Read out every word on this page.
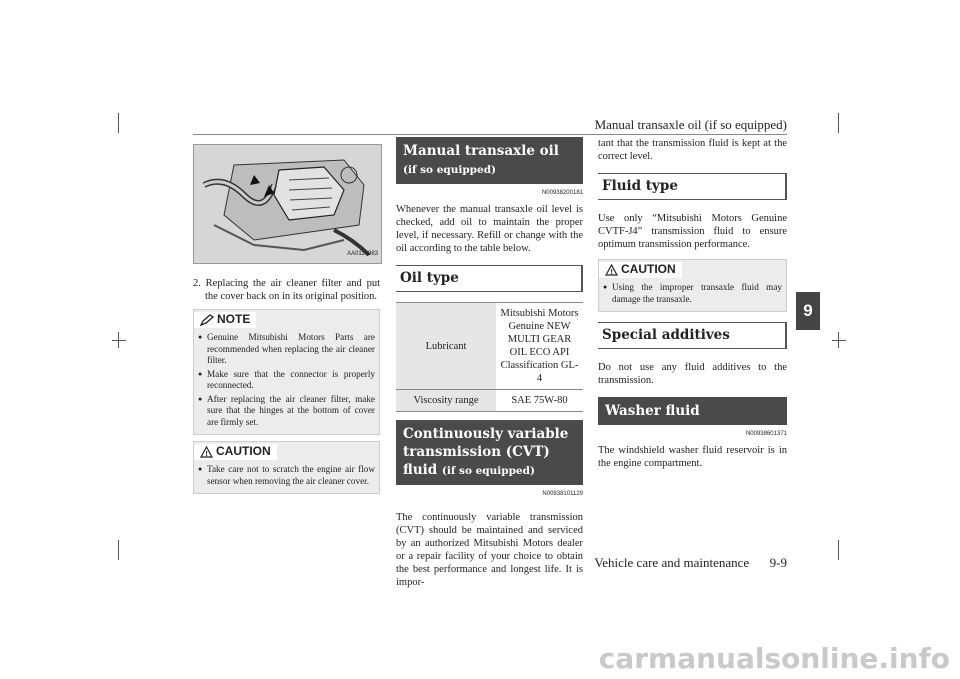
Manual transaxle oil (if so equipped)
9
AA0116983

2. Replacing the air cleaner filter and put the cover back on in its original position.

NOTE
● Genuine Mitsubishi Motors Parts are recommended when replacing the air cleaner filter.
● Make sure that the connector is properly reconnected.
● After replacing the air cleaner filter, make sure that the hinges at the bottom of cover are firmly set.
! CAUTION
● Take care not to scratch the engine air flow sensor when removing the air cleaner cover.
Manual transaxle oil (if so equipped)
N00938200181

Whenever the manual transaxle oil level is checked, add oil to maintain the proper level, if necessary. Refill or change with the oil according to the table below.

Oil type
Lubricant	Mitsubishi Motors Genuine NEW MULTI GEAR OIL ECO API Classification GL-4
Viscosity range	SAE 75W-80
Continuously variable transmission (CVT) fluid (if so equipped)
N00938101129

The continuously variable transmission (CVT) should be maintained and serviced by an authorized Mitsubishi Motors dealer or a repair facility of your choice to obtain the best performance and longest life. It is impor-

tant that the transmission fluid is kept at the correct level.

Fluid type

Use only “Mitsubishi Motors Genuine CVTF-J4” transmission fluid to ensure optimum transmission performance.

! CAUTION
● Using the improper transaxle fluid may damage the transaxle.
Special additives

Do not use any fluid additives to the transmission.

Washer fluid
N00938601371

The windshield washer fluid reservoir is in the engine compartment.

Vehicle care and maintenance 9-9
carmanualsonline.info
